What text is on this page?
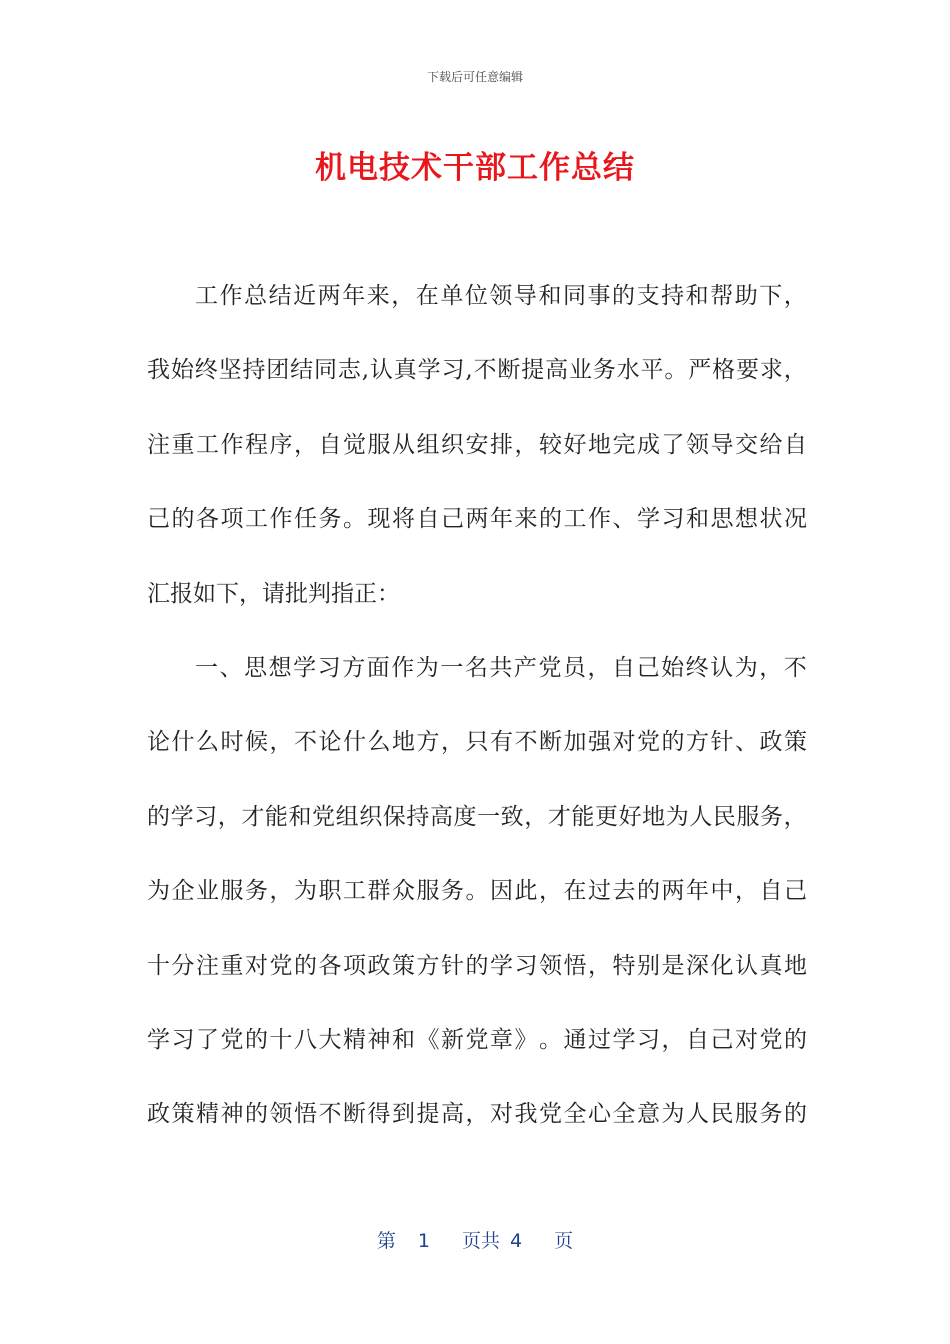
下载后可任意编辑
机电技术干部工作总结
工 作 总 结 近 两 年 来 ， 在 单 位 领 导 和 同 事 的 支 持 和 帮 助 下 ，
我 始 终 坚 持 团 结 同 志 , 认 真 学 习 , 不 断 提 高 业 务 水 平 。 严 格 要 求 ，
注 重 工 作 程 序 ， 自 觉 服 从 组 织 安 排 ， 较 好 地 完 成 了 领 导 交 给 自
己 的 各 项 工 作 任 务 。 现 将 自 己 两 年 来 的 工 作 、 学 习 和 思 想 状 况
汇 报 如 下 ， 请 批 判 指 正 ：
一 、 思 想 学 习 方 面 作 为 一 名 共 产 党 员 ， 自 己 始 终 认 为 ， 不
论 什 么 时 候 ， 不 论 什 么 地 方 ， 只 有 不 断 加 强 对 党 的 方 针 、 政 策
的 学 习 ， 才 能 和 党 组 织 保 持 高 度 一 致 ， 才 能 更 好 地 为 人 民 服 务 ，
为 企 业 服 务 ， 为 职 工 群 众 服 务 。 因 此 ， 在 过 去 的 两 年 中 ， 自 己
十 分 注 重 对 党 的 各 项 政 策 方 针 的 学 习 领 悟 ， 特 别 是 深 化 认 真 地
学 习 了 党 的 十 八 大 精 神 和 《 新 党 章 》 。 通 过 学 习 ， 自 己 对 党 的
政 策 精 神 的 领 悟 不 断 得 到 提 高 ， 对 我 党 全 心 全 意 为 人 民 服 务 的
第 1 页共 4 页
